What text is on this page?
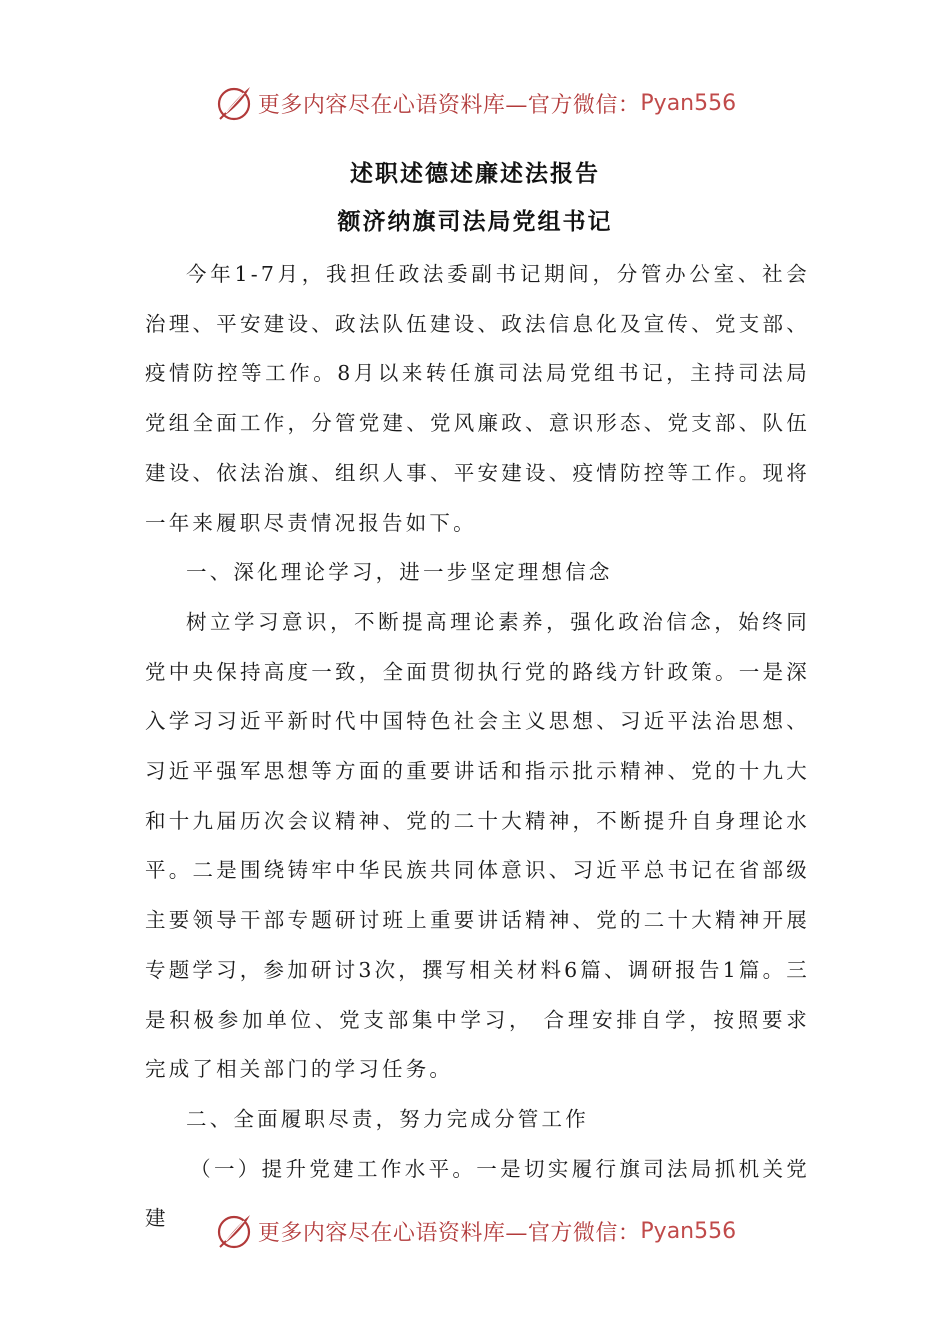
更多内容尽在心语资料库—官方微信： Pyan556
述职述德述廉述法报告
额济纳旗司法局党组书记

今年1-7月，我担任政法委副书记期间，分管办公室、社会治理、平安建设、政法队伍建设、政法信息化及宣传、党支部、疫情防控等工作。8月以来转任旗司法局党组书记，主持司法局党组全面工作，分管党建、党风廉政、意识形态、党支部、队伍建设、依法治旗、组织人事、平安建设、疫情防控等工作。现将一年来履职尽责情况报告如下。

一、深化理论学习，进一步坚定理想信念

树立学习意识，不断提高理论素养，强化政治信念，始终同党中央保持高度一致，全面贯彻执行党的路线方针政策。一是深入学习习近平新时代中国特色社会主义思想、习近平法治思想、习近平强军思想等方面的重要讲话和指示批示精神、党的十九大和十九届历次会议精神、党的二十大精神，不断提升自身理论水平。二是围绕铸牢中华民族共同体意识、习近平总书记在省部级主要领导干部专题研讨班上重要讲话精神、党的二十大精神开展专题学习，参加研讨3次，撰写相关材料6篇、调研报告1篇。三是积极参加单位、党支部集中学习， 合理安排自学，按照要求完成了相关部门的学习任务。

二、全面履职尽责，努力完成分管工作

（一）提升党建工作水平。一是切实履行旗司法局抓机关党建

更多内容尽在心语资料库—官方微信： Pyan556
